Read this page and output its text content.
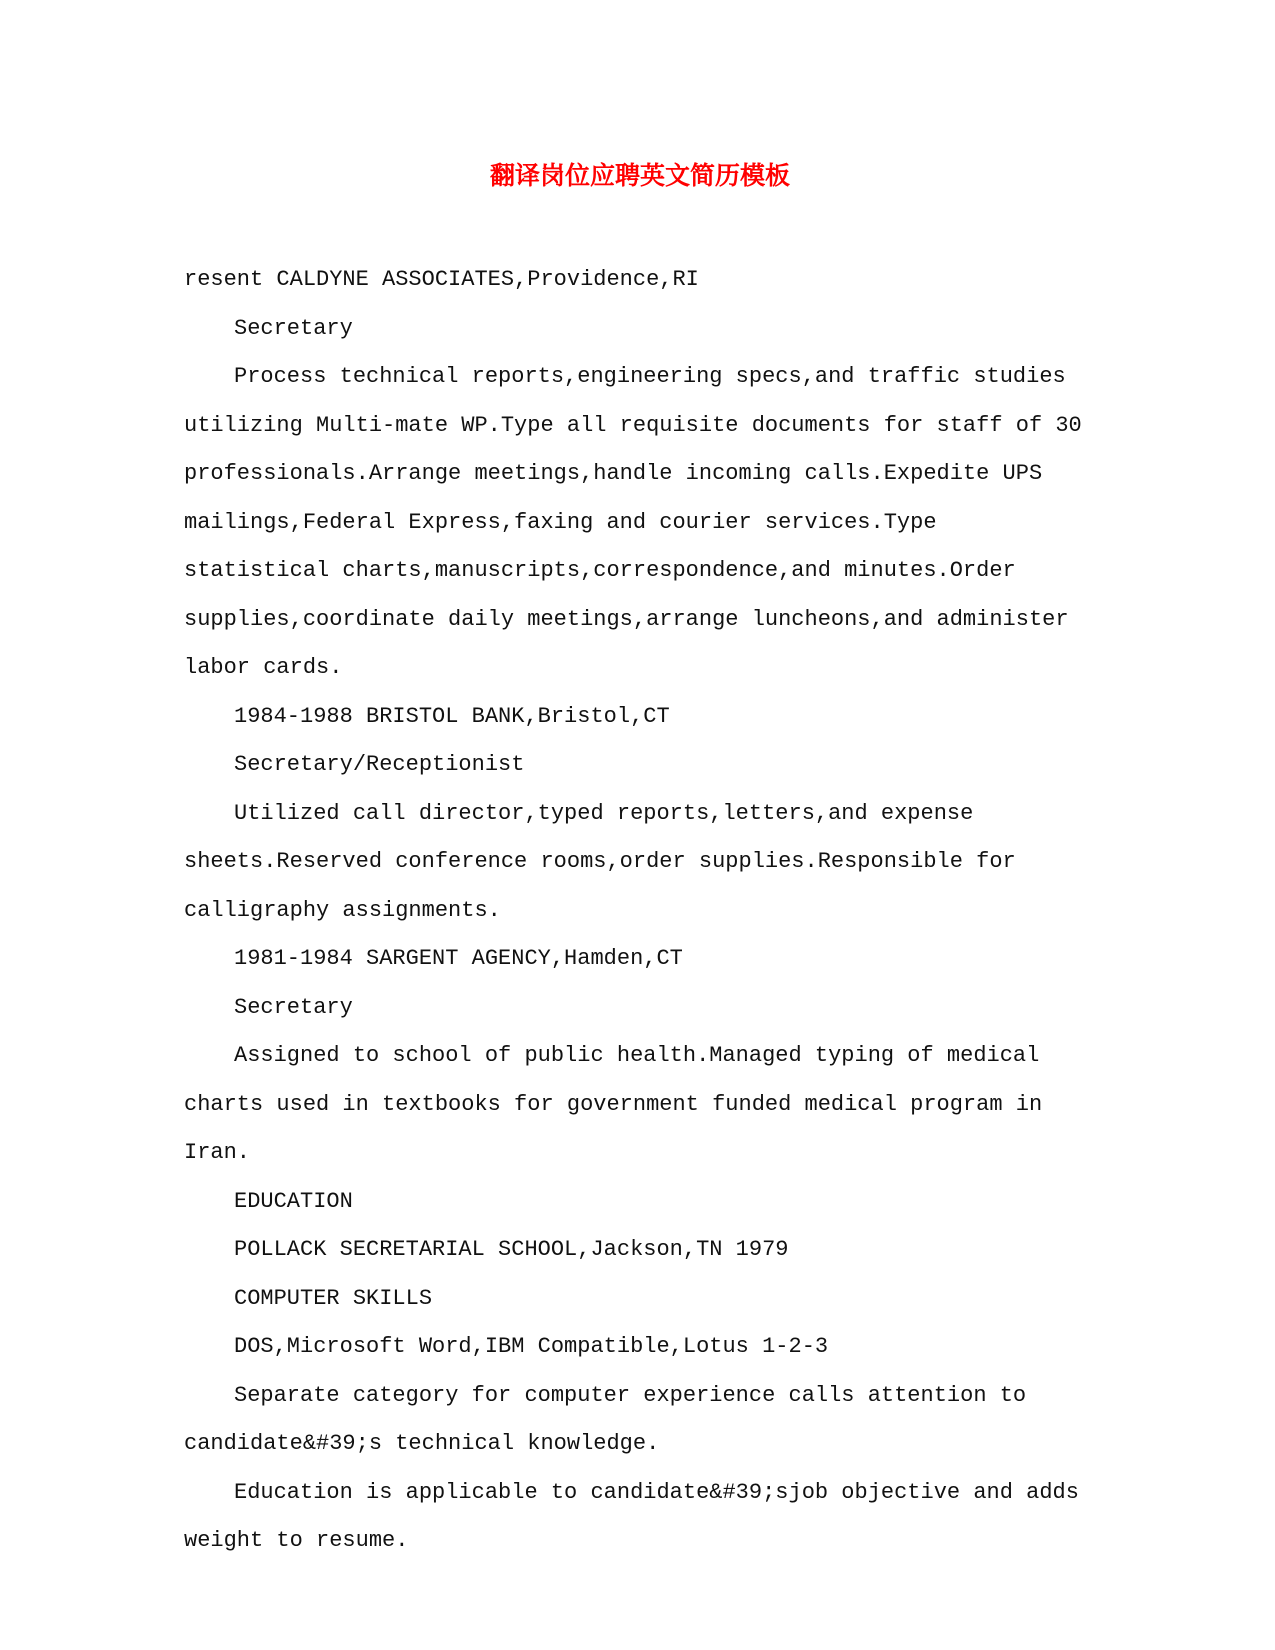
翻译岗位应聘英文简历模板

resent CALDYNE ASSOCIATES,Providence,RI

Secretary

Process technical reports,engineering specs,and traffic studies utilizing Multi-mate WP.Type all requisite documents for staff of 30 professionals.Arrange meetings,handle incoming calls.Expedite UPS mailings,Federal Express,faxing and courier services.Type statistical charts,manuscripts,correspondence,and minutes.Order supplies,coordinate daily meetings,arrange luncheons,and administer labor cards.

1984-1988 BRISTOL BANK,Bristol,CT

Secretary/Receptionist

Utilized call director,typed reports,letters,and expense sheets.Reserved conference rooms,order supplies.Responsible for calligraphy assignments.

1981-1984 SARGENT AGENCY,Hamden,CT

Secretary

Assigned to school of public health.Managed typing of medical charts used in textbooks for government funded medical program in Iran.

EDUCATION

POLLACK SECRETARIAL SCHOOL,Jackson,TN 1979

COMPUTER SKILLS

DOS,Microsoft Word,IBM Compatible,Lotus 1-2-3

Separate category for computer experience calls attention to candidate&#39;s technical knowledge.

Education is applicable to candidate&#39;sjob objective and adds weight to resume.
